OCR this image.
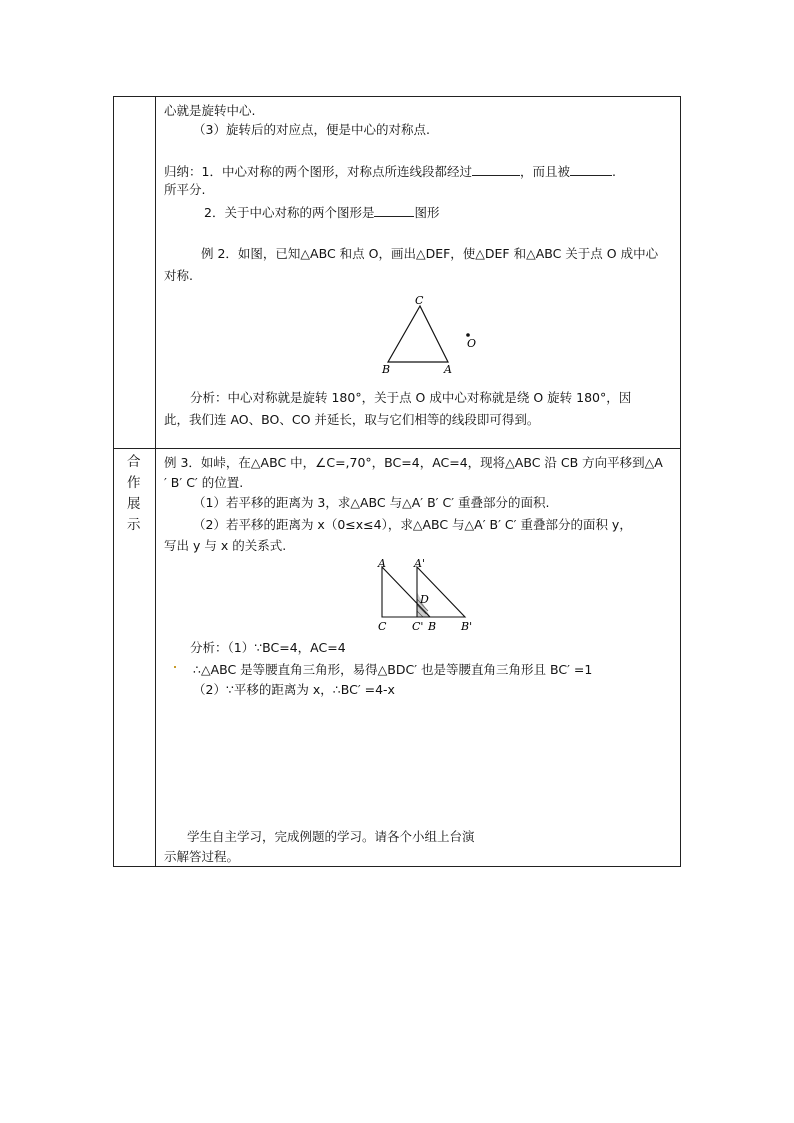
心就是旋转中心.
（3）旋转后的对应点，便是中心的对称点.
归纳：1．中心对称的两个图形，对称点所连线段都经过	，而且被	.
所平分.
2．关于中心对称的两个图形是	图形
例 2．如图，已知△ABC 和点 O，画出△DEF，使△DEF 和△ABC 关于点 O 成中心
对称.
C
B	A
O
分析：中心对称就是旋转 180°，关于点 O 成中心对称就是绕 O 旋转 180°，因
此，我们连 AO、BO、CO 并延长，取与它们相等的线段即可得到。
合
作
展
示
例 3．如峠，在△ABC 中，∠C=,70°，BC=4，AC=4，现将△ABC 沿 CB 方向平移到△A
′ B′ C′ 的位置.
（1）若平移的距离为 3，求△ABC 与△A′ B′ C′ 重叠部分的面积.
（2）若平移的距离为 x（0≤x≤4），求△ABC 与△A′ B′ C′ 重叠部分的面积 y，
写出 y 与 x 的关系式.
A	A'
D
C C' B B'
分析：（1）∵BC=4，AC=4
∴△ABC 是等腰直角三角形，易得△BDC′ 也是等腰直角三角形且 BC′ =1
（2）∵平移的距离为 x，∴BC′ =4-x
学生自主学习，完成例题的学习。请各个小组上台演
示解答过程。
